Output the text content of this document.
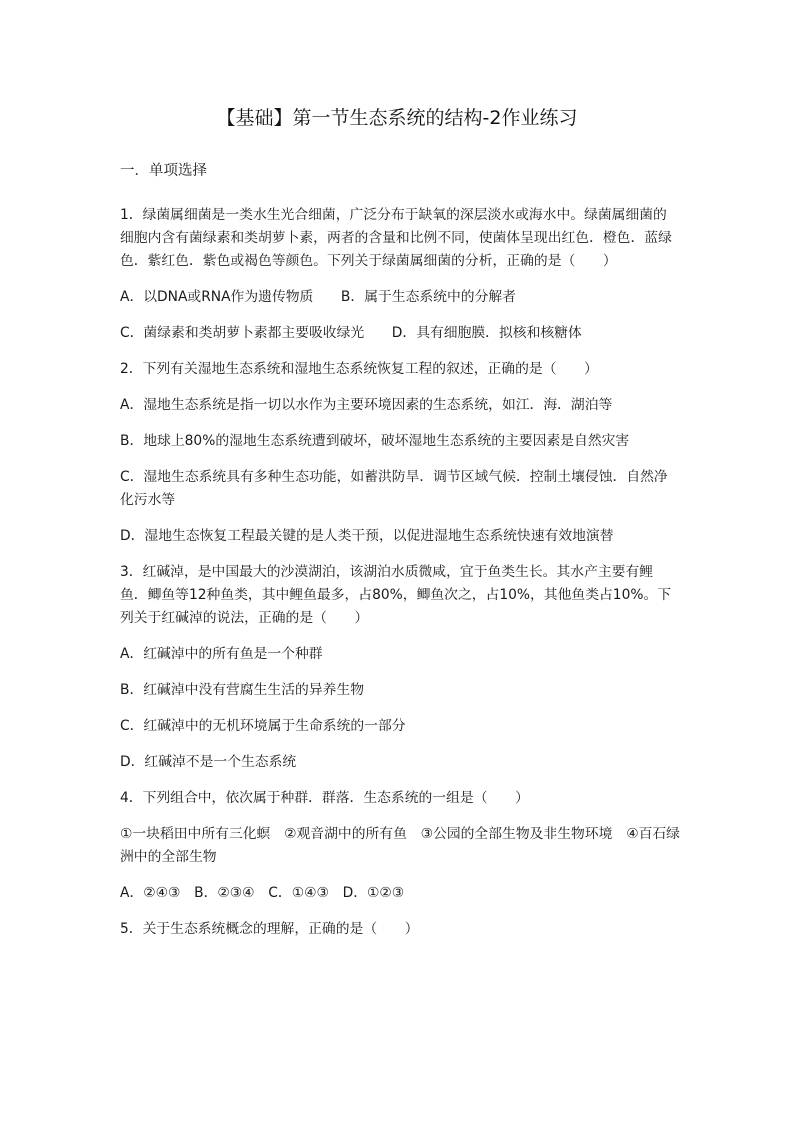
【基础】第一节生态系统的结构-2作业练习
一．单项选择

1．绿菌属细菌是一类水生光合细菌，广泛分布于缺氧的深层淡水或海水中。绿菌属细菌的细胞内含有菌绿素和类胡萝卜素，两者的含量和比例不同，使菌体呈现出红色．橙色．蓝绿色．紫红色．紫色或褐色等颜色。下列关于绿菌属细菌的分析，正确的是（　　）

A．以DNA或RNA作为遗传物质　　B．属于生态系统中的分解者

C．菌绿素和类胡萝卜素都主要吸收绿光　　D．具有细胞膜．拟核和核糖体

2．下列有关湿地生态系统和湿地生态系统恢复工程的叙述，正确的是（　　）

A．湿地生态系统是指一切以水作为主要环境因素的生态系统，如江．海．湖泊等

B．地球上80%的湿地生态系统遭到破坏，破坏湿地生态系统的主要因素是自然灾害

C．湿地生态系统具有多种生态功能，如蓄洪防旱．调节区域气候．控制土壤侵蚀．自然净化污水等

D．湿地生态恢复工程最关键的是人类干预，以促进湿地生态系统快速有效地演替

3．红碱淖，是中国最大的沙漠湖泊，该湖泊水质微咸，宜于鱼类生长。其水产主要有鲤鱼．鲫鱼等12种鱼类，其中鲤鱼最多，占80%，鲫鱼次之，占10%，其他鱼类占10%。下列关于红碱淖的说法，正确的是（　　）

A．红碱淖中的所有鱼是一个种群

B．红碱淖中没有营腐生生活的异养生物

C．红碱淖中的无机环境属于生命系统的一部分

D．红碱淖不是一个生态系统

4．下列组合中，依次属于种群．群落．生态系统的一组是（　　）

①一块稻田中所有三化螟　②观音湖中的所有鱼　③公园的全部生物及非生物环境　④百石绿洲中的全部生物

A．②④③　B．②③④　C．①④③　D．①②③

5．关于生态系统概念的理解，正确的是（　　）
